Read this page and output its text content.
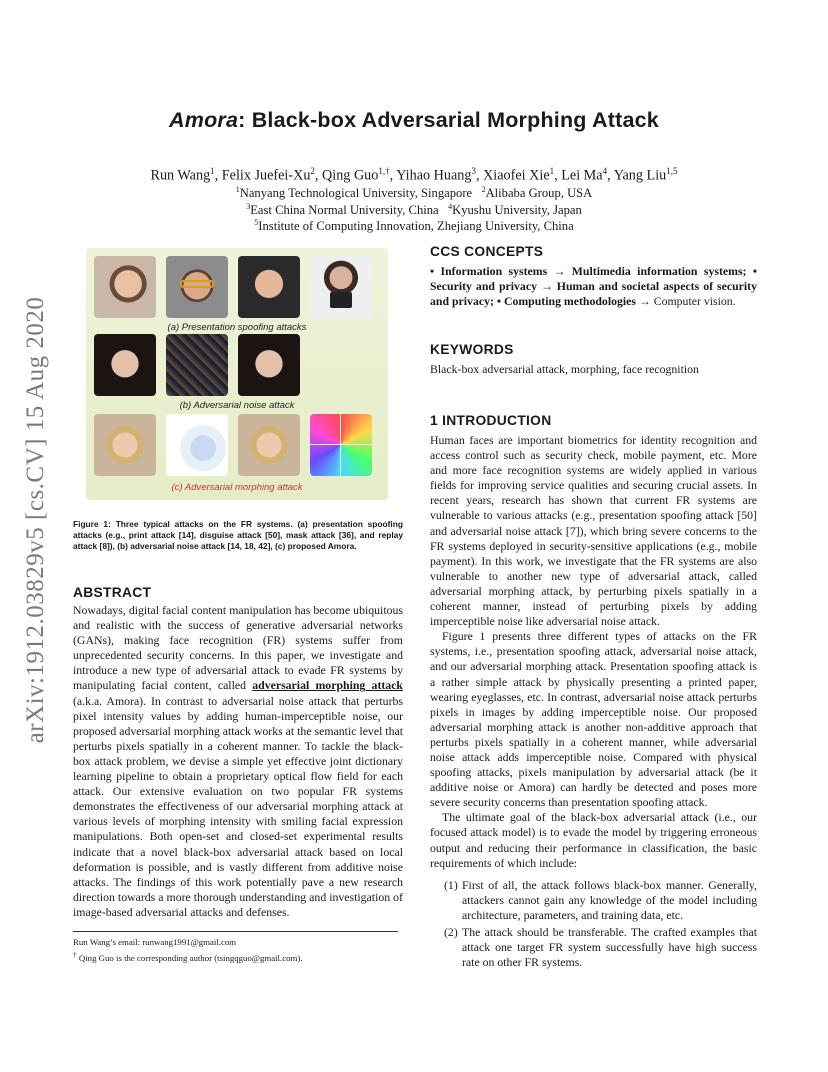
arXiv:1912.03829v5 [cs.CV] 15 Aug 2020
Amora: Black-box Adversarial Morphing Attack
Run Wang$^1$, Felix Juefei-Xu$^2$, Qing Guo$^{1,\dagger}$, Yihao Huang$^3$, Xiaofei Xie$^1$, Lei Ma$^4$, Yang Liu$^{1,5}$
$^1$Nanyang Technological University, Singapore $^2$Alibaba Group, USA
$^3$East China Normal University, China $^4$Kyushu University, Japan
$^5$Institute of Computing Innovation, Zhejiang University, China
(a) Presentation spoofing attacks
(b) Adversarial noise attack
(c) Adversarial morphing attack
Figure 1: Three typical attacks on the FR systems. (a) presentation spoofing attacks (e.g., print attack [14], disguise attack [50], mask attack [36], and replay attack [8]), (b) adversarial noise attack [14, 18, 42], (c) proposed Amora.
ABSTRACT

Nowadays, digital facial content manipulation has become ubiquitous and realistic with the success of generative adversarial networks (GANs), making face recognition (FR) systems suffer from unprecedented security concerns. In this paper, we investigate and introduce a new type of adversarial attack to evade FR systems by manipulating facial content, called adversarial morphing attack (a.k.a. Amora). In contrast to adversarial noise attack that perturbs pixel intensity values by adding human-imperceptible noise, our proposed adversarial morphing attack works at the semantic level that perturbs pixels spatially in a coherent manner. To tackle the black-box attack problem, we devise a simple yet effective joint dictionary learning pipeline to obtain a proprietary optical flow field for each attack. Our extensive evaluation on two popular FR systems demonstrates the effectiveness of our adversarial morphing attack at various levels of morphing intensity with smiling facial expression manipulations. Both open-set and closed-set experimental results indicate that a novel black-box adversarial attack based on local deformation is possible, and is vastly different from additive noise attacks. The findings of this work potentially pave a new research direction towards a more thorough understanding and investigation of image-based adversarial attacks and defenses.

Run Wang’s email: runwang1991@gmail.com
† Qing Guo is the corresponding author (tsingqguo@gmail.com).
CCS CONCEPTS

• Information systems → Multimedia information systems; • Security and privacy → Human and societal aspects of security and privacy; • Computing methodologies → Computer vision.

KEYWORDS
Black-box adversarial attack, morphing, face recognition
1 INTRODUCTION

Human faces are important biometrics for identity recognition and access control such as security check, mobile payment, etc. More and more face recognition systems are widely applied in various fields for improving service qualities and securing crucial assets. In recent years, research has shown that current FR systems are vulnerable to various attacks (e.g., presentation spoofing attack [50] and adversarial noise attack [7]), which bring severe concerns to the FR systems deployed in security-sensitive applications (e.g., mobile payment). In this work, we investigate that the FR systems are also vulnerable to another new type of adversarial attack, called adversarial morphing attack, by perturbing pixels spatially in a coherent manner, instead of perturbing pixels by adding imperceptible noise like adversarial noise attack.

Figure 1 presents three different types of attacks on the FR systems, i.e., presentation spoofing attack, adversarial noise attack, and our adversarial morphing attack. Presentation spoofing attack is a rather simple attack by physically presenting a printed paper, wearing eyeglasses, etc. In contrast, adversarial noise attack perturbs pixels in images by adding imperceptible noise. Our proposed adversarial morphing attack is another non-additive approach that perturbs pixels spatially in a coherent manner, while adversarial noise attack adds imperceptible noise. Compared with physical spoofing attacks, pixels manipulation by adversarial attack (be it additive noise or Amora) can hardly be detected and poses more severe security concerns than presentation spoofing attack.

The ultimate goal of the black-box adversarial attack (i.e., our focused attack model) is to evade the model by triggering erroneous output and reducing their performance in classification, the basic requirements of which include:

(1) First of all, the attack follows black-box manner. Generally, attackers cannot gain any knowledge of the model including architecture, parameters, and training data, etc.
(2) The attack should be transferable. The crafted examples that attack one target FR system successfully have high success rate on other FR systems.
